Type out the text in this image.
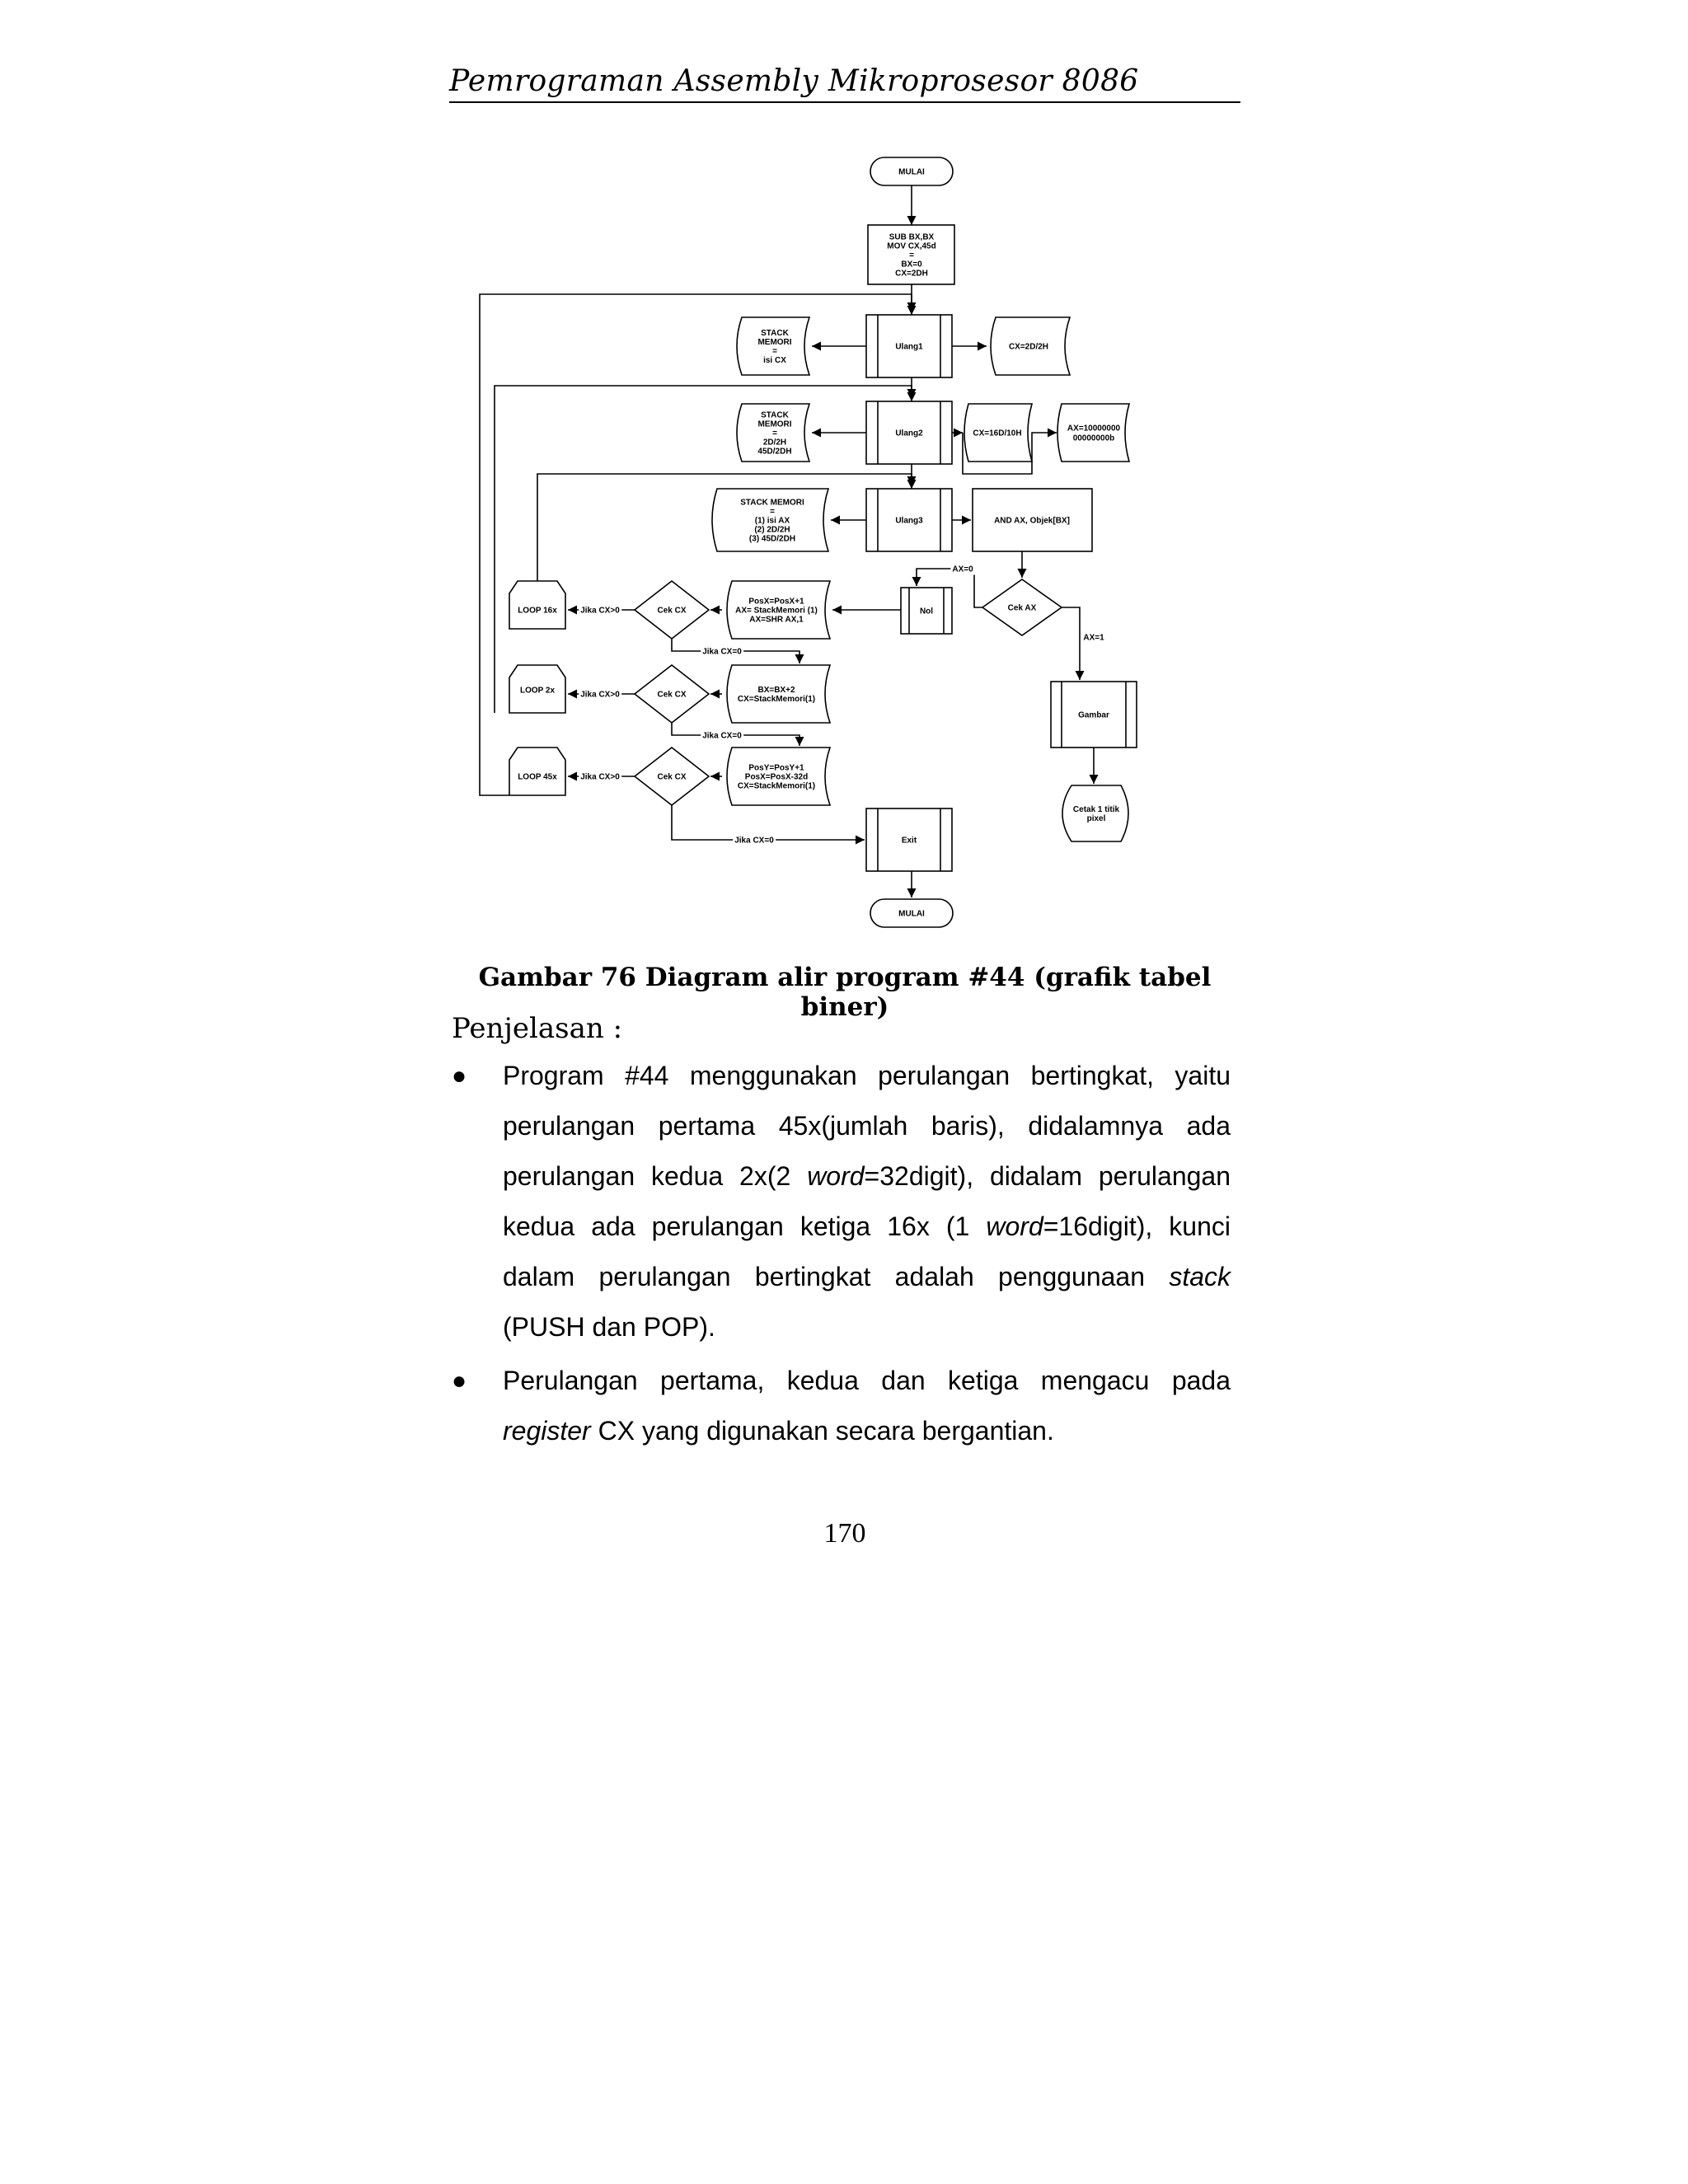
Pemrograman Assembly Mikroprosesor 8086
MULAI
SUB BX,BX
MOV CX,45d
=
BX=0
CX=2DH
Ulang1
STACK
MEMORI
=
isi CX
CX=2D/2H
Ulang2
STACK
MEMORI
=
2D/2H
45D/2DH
CX=16D/10H
AX=10000000
00000000b
Ulang3
STACK MEMORI
=
(1) isi AX
(2) 2D/2H
(3) 45D/2DH
AND AX, Objek[BX]
AX=0
Cek AX
AX=1
Nol
PosX=PosX+1
AX= StackMemori (1)
AX=SHR AX,1
Cek CX
LOOP 16x	Jika CX>0
Jika CX=0
BX=BX+2
CX=StackMemori(1)
Cek CX
LOOP 2x	Jika CX>0
Jika CX=0
PosY=PosY+1
PosX=PosX-32d
CX=StackMemori(1)
Cek CX
LOOP 45x	Jika CX>0
Gambar
Cetak 1 titik
pixel
Jika CX=0	Exit
MULAI
Gambar 76 Diagram alir program #44 (grafik tabel biner)
Penjelasan :
● Program #44 menggunakan perulangan bertingkat, yaitu perulangan pertama 45x(jumlah baris), didalamnya ada perulangan kedua 2x(2 word=32digit), didalam perulangan kedua ada perulangan ketiga 16x (1 word=16digit), kunci dalam perulangan bertingkat adalah penggunaan stack (PUSH dan POP).
● Perulangan pertama, kedua dan ketiga mengacu pada register CX yang digunakan secara bergantian.
170
